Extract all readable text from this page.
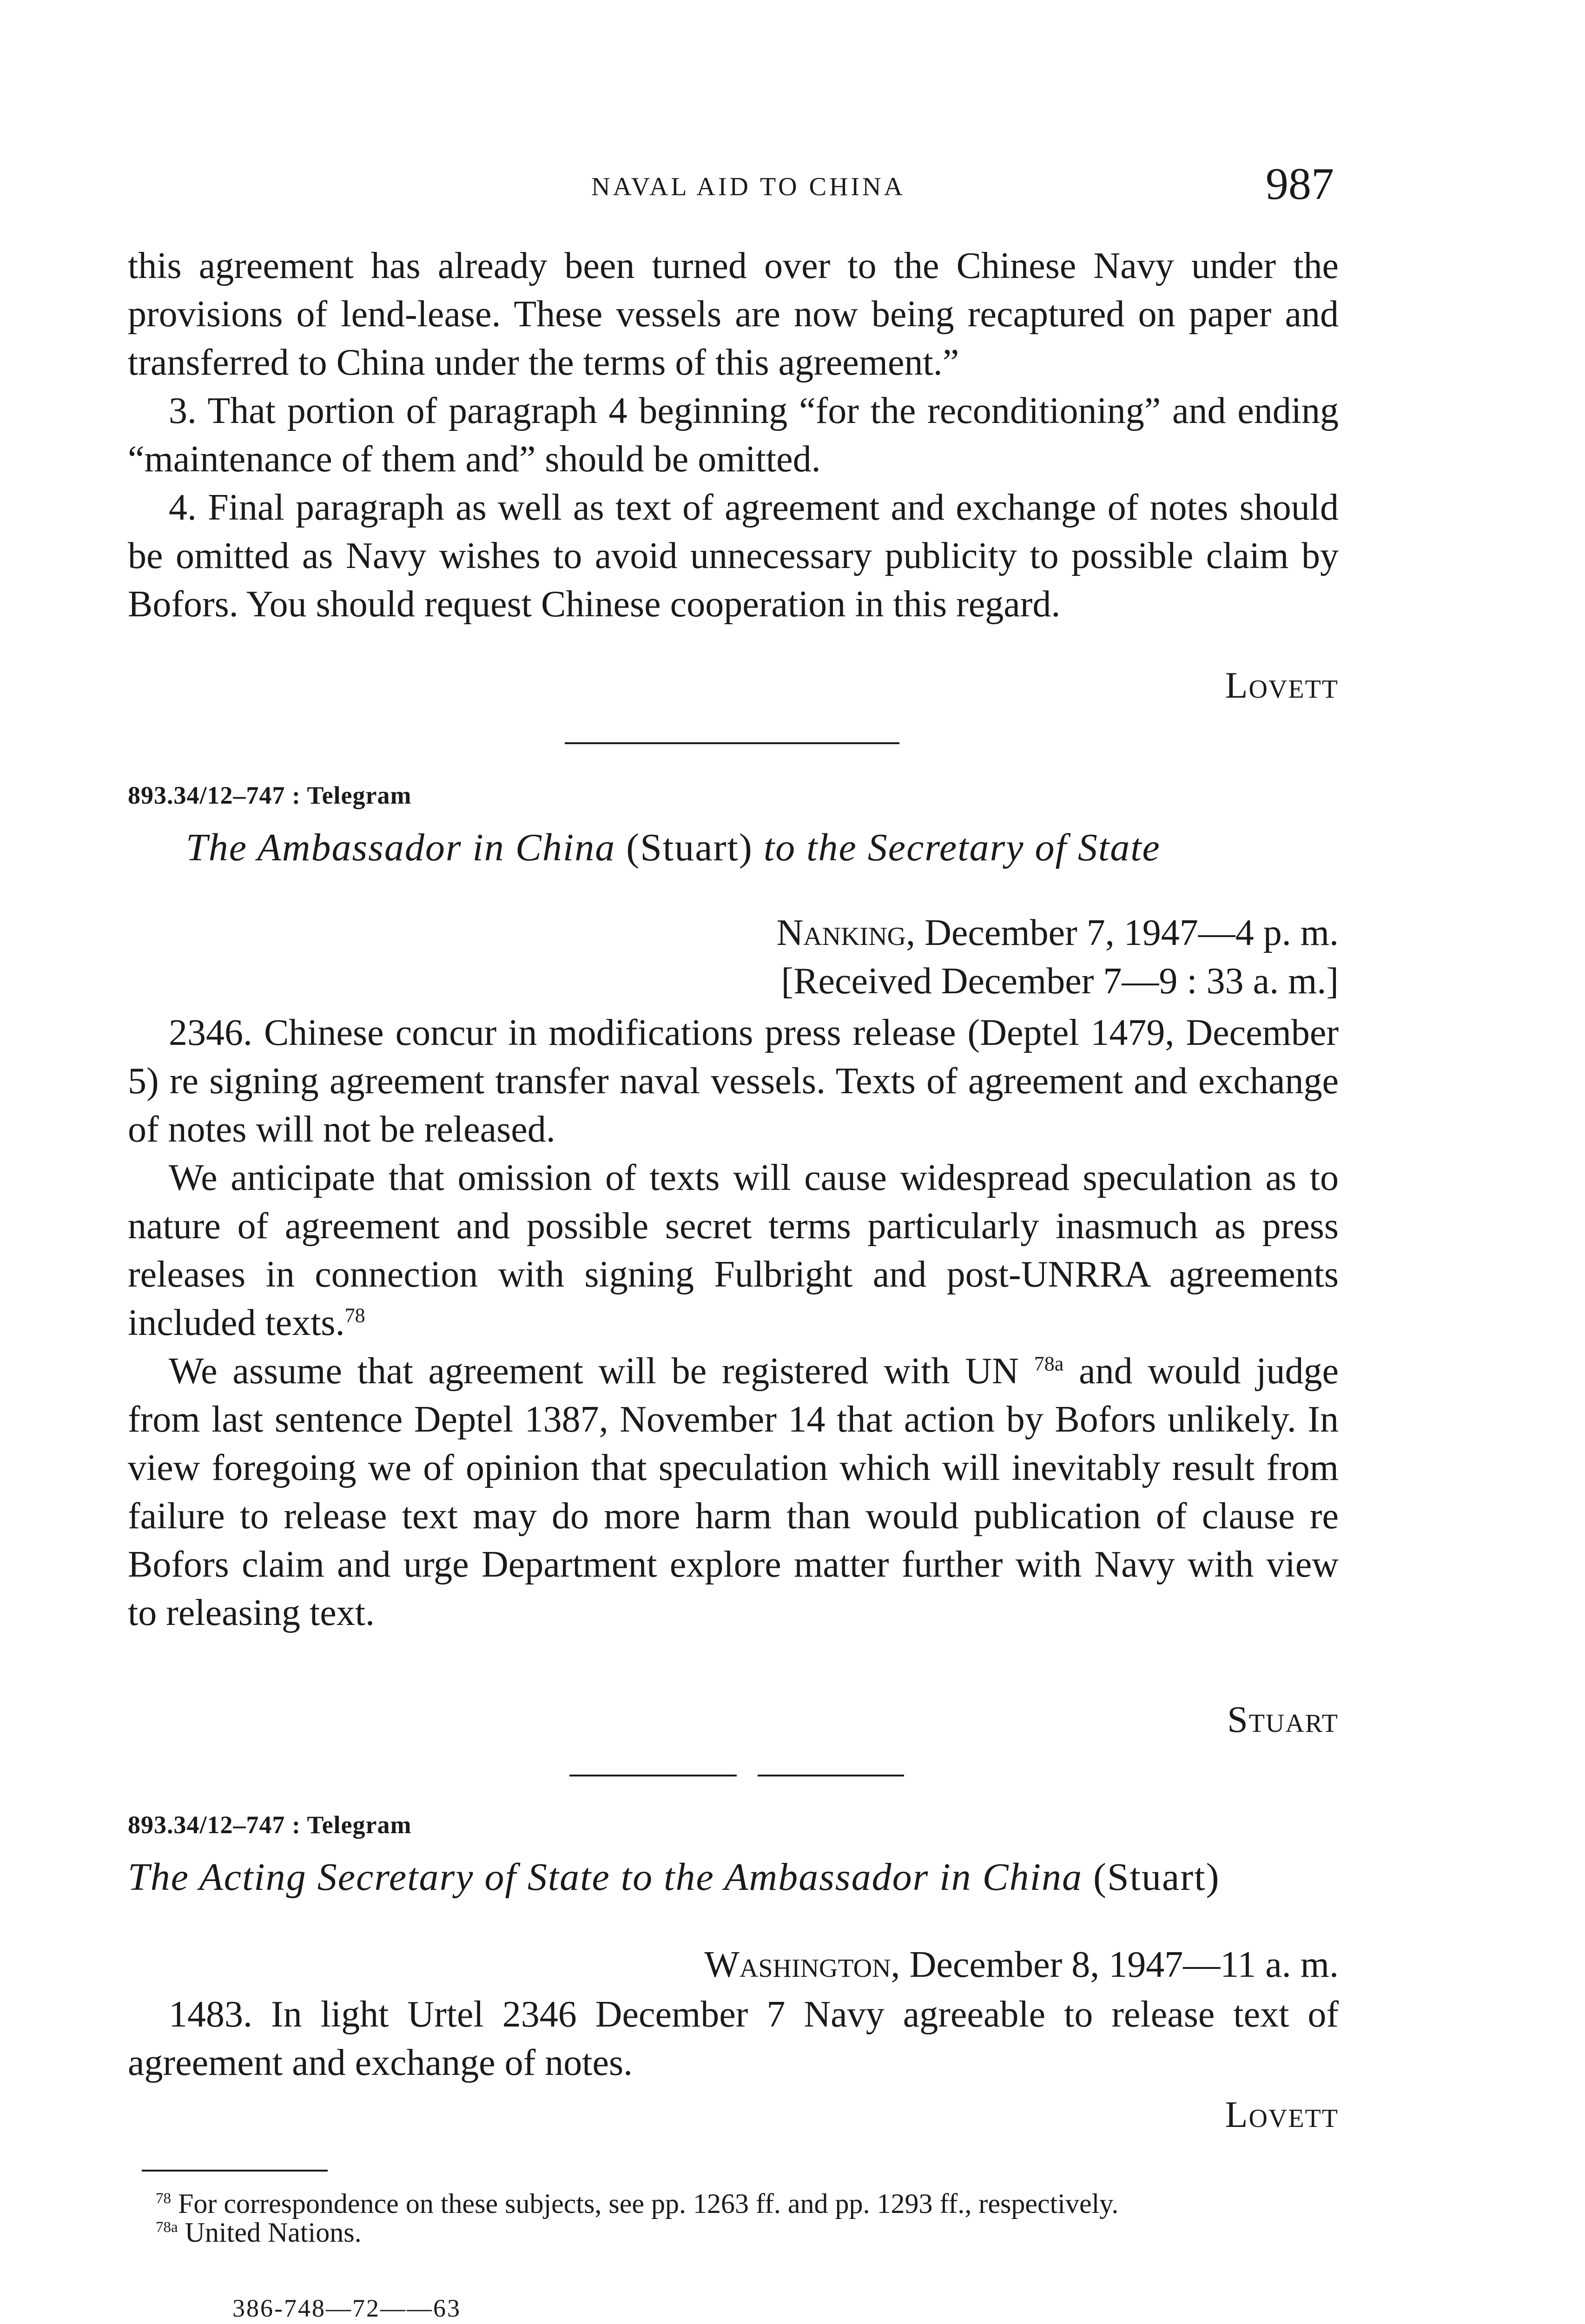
NAVAL AID TO CHINA	987

this agreement has already been turned over to the Chinese Navy under the provisions of lend-lease. These vessels are now being recaptured on paper and transferred to China under the terms of this agreement.”

3. That portion of paragraph 4 beginning “for the reconditioning” and ending “maintenance of them and” should be omitted.

4. Final paragraph as well as text of agreement and exchange of notes should be omitted as Navy wishes to avoid unnecessary publicity to possible claim by Bofors. You should request Chinese cooperation in this regard.

Lovett
893.34/12–747 : Telegram
The Ambassador in China (Stuart) to the Secretary of State
Nanking, December 7, 1947—4 p. m.
[Received December 7—9 : 33 a. m.]

2346. Chinese concur in modifications press release (Deptel 1479, December 5) re signing agreement transfer naval vessels. Texts of agreement and exchange of notes will not be released.

We anticipate that omission of texts will cause widespread speculation as to nature of agreement and possible secret terms particularly inasmuch as press releases in connection with signing Fulbright and post-UNRRA agreements included texts.$^{78}$

We assume that agreement will be registered with UN $^{78a}$ and would judge from last sentence Deptel 1387, November 14 that action by Bofors unlikely. In view foregoing we of opinion that speculation which will inevitably result from failure to release text may do more harm than would publication of clause re Bofors claim and urge Department explore matter further with Navy with view to releasing text.

Stuart
893.34/12–747 : Telegram
The Acting Secretary of State to the Ambassador in China (Stuart)
Washington, December 8, 1947—11 a. m.

1483. In light Urtel 2346 December 7 Navy agreeable to release text of agreement and exchange of notes.

Lovett

$^{78}$ For correspondence on these subjects, see pp. 1263 ff. and pp. 1293 ff., respectively.

$^{78a}$ United Nations.

386-748—72——63
